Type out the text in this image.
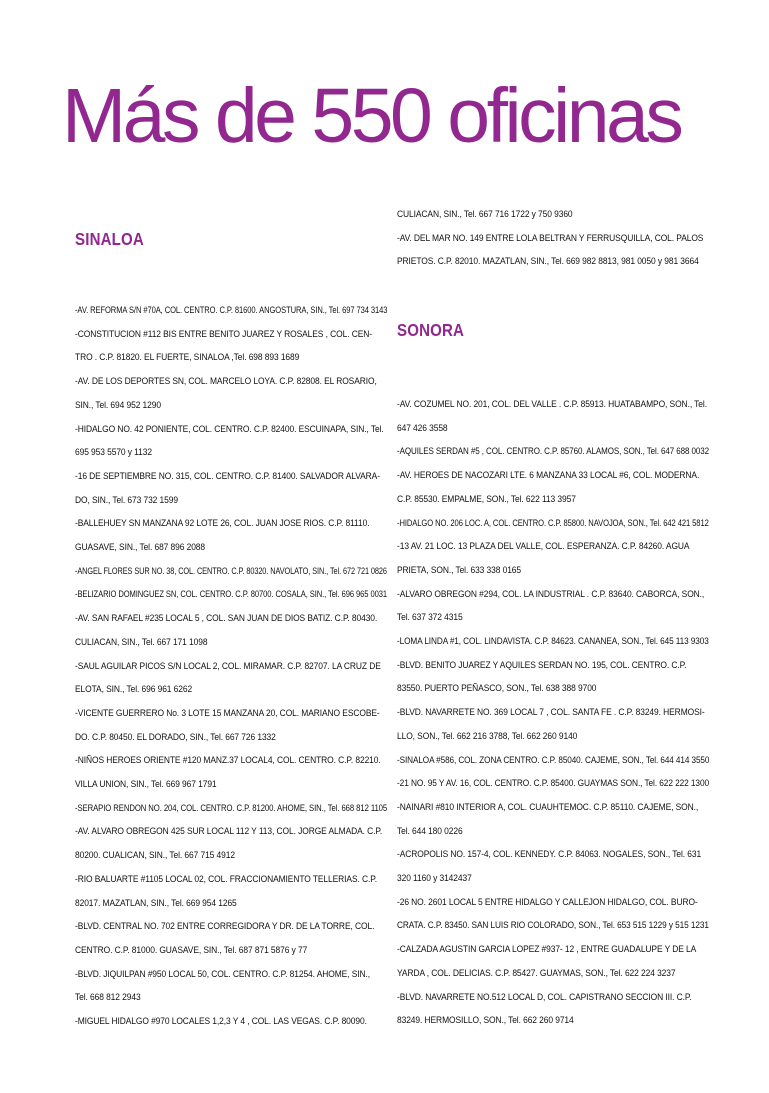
Más de 550 oficinas
SINALOA

-AV. REFORMA S/N #70A, COL. CENTRO. C.P. 81600. ANGOSTURA, SIN., Tel. 697 734 3143

-CONSTITUCION #112 BIS ENTRE BENITO JUAREZ Y ROSALES , COL. CEN-

TRO . C.P. 81820. EL FUERTE, SINALOA ,Tel. 698 893 1689

-AV. DE LOS DEPORTES SN, COL. MARCELO LOYA. C.P. 82808. EL ROSARIO,

SIN., Tel. 694 952 1290

-HIDALGO NO. 42 PONIENTE, COL. CENTRO. C.P. 82400. ESCUINAPA, SIN., Tel.

695 953 5570 y 1132

-16 DE SEPTIEMBRE NO. 315, COL. CENTRO. C.P. 81400. SALVADOR ALVARA-

DO, SIN., Tel. 673 732 1599

-BALLEHUEY SN MANZANA 92 LOTE 26, COL. JUAN JOSE RIOS. C.P. 81110.

GUASAVE, SIN., Tel. 687 896 2088

-ANGEL FLORES SUR NO. 38, COL. CENTRO. C.P. 80320. NAVOLATO, SIN., Tel. 672 721 0826

-BELIZARIO DOMINGUEZ SN, COL. CENTRO. C.P. 80700. COSALA, SIN., Tel. 696 965 0031

-AV. SAN RAFAEL #235 LOCAL 5 , COL. SAN JUAN DE DIOS BATIZ. C.P. 80430.

CULIACAN, SIN., Tel. 667 171 1098

-SAUL AGUILAR PICOS S/N LOCAL 2, COL. MIRAMAR. C.P. 82707. LA CRUZ DE

ELOTA, SIN., Tel. 696 961 6262

-VICENTE GUERRERO No. 3 LOTE 15 MANZANA 20, COL. MARIANO ESCOBE-

DO. C.P. 80450. EL DORADO, SIN., Tel. 667 726 1332

-NIÑOS HEROES ORIENTE #120 MANZ.37 LOCAL4, COL. CENTRO. C.P. 82210.

VILLA UNION, SIN., Tel. 669 967 1791

-SERAPIO RENDON NO. 204, COL. CENTRO. C.P. 81200. AHOME, SIN., Tel. 668 812 1105

-AV. ALVARO OBREGON 425 SUR LOCAL 112 Y 113, COL. JORGE ALMADA. C.P.

80200. CUALICAN, SIN., Tel. 667 715 4912

-RIO BALUARTE #1105 LOCAL 02, COL. FRACCIONAMIENTO TELLERIAS. C.P.

82017. MAZATLAN, SIN., Tel. 669 954 1265

-BLVD. CENTRAL NO. 702 ENTRE CORREGIDORA Y DR. DE LA TORRE, COL.

CENTRO. C.P. 81000. GUASAVE, SIN., Tel. 687 871 5876 y 77

-BLVD. JIQUILPAN #950 LOCAL 50, COL. CENTRO. C.P. 81254. AHOME, SIN.,

Tel. 668 812 2943

-MIGUEL HIDALGO #970 LOCALES 1,2,3 Y 4 , COL. LAS VEGAS. C.P. 80090.

CULIACAN, SIN., Tel. 667 716 1722 y 750 9360

-AV. DEL MAR NO. 149 ENTRE LOLA BELTRAN Y FERRUSQUILLA, COL. PALOS

PRIETOS. C.P. 82010. MAZATLAN, SIN., Tel. 669 982 8813, 981 0050 y 981 3664

SONORA

-AV. COZUMEL NO. 201, COL. DEL VALLE . C.P. 85913. HUATABAMPO, SON., Tel.

647 426 3558

-AQUILES SERDAN #5 , COL. CENTRO. C.P. 85760. ALAMOS, SON., Tel. 647 688 0032

-AV. HEROES DE NACOZARI LTE. 6 MANZANA 33 LOCAL #6, COL. MODERNA.

C.P. 85530. EMPALME, SON., Tel. 622 113 3957

-HIDALGO NO. 206 LOC. A, COL. CENTRO. C.P. 85800. NAVOJOA, SON., Tel. 642 421 5812

-13 AV. 21 LOC. 13 PLAZA DEL VALLE, COL. ESPERANZA. C.P. 84260. AGUA

PRIETA, SON., Tel. 633 338 0165

-ALVARO OBREGON #294, COL. LA INDUSTRIAL . C.P. 83640. CABORCA, SON.,

Tel. 637 372 4315

-LOMA LINDA #1, COL. LINDAVISTA. C.P. 84623. CANANEA, SON., Tel. 645 113 9303

-BLVD. BENITO JUAREZ Y AQUILES SERDAN NO. 195, COL. CENTRO. C.P.

83550. PUERTO PEÑASCO, SON., Tel. 638 388 9700

-BLVD. NAVARRETE NO. 369 LOCAL 7 , COL. SANTA FE . C.P. 83249. HERMOSI-

LLO, SON., Tel. 662 216 3788, Tel. 662 260 9140

-SINALOA #586, COL. ZONA CENTRO. C.P. 85040. CAJEME, SON., Tel. 644 414 3550

-21 NO. 95 Y AV. 16, COL. CENTRO. C.P. 85400. GUAYMAS SON., Tel. 622 222 1300

-NAINARI #810 INTERIOR A, COL. CUAUHTEMOC. C.P. 85110. CAJEME, SON.,

Tel. 644 180 0226

-ACROPOLIS NO. 157-4, COL. KENNEDY. C.P. 84063. NOGALES, SON., Tel. 631

320 1160 y 3142437

-26 NO. 2601 LOCAL 5 ENTRE HIDALGO Y CALLEJON HIDALGO, COL. BURO-

CRATA. C.P. 83450. SAN LUIS RIO COLORADO, SON., Tel. 653 515 1229 y 515 1231

-CALZADA AGUSTIN GARCIA LOPEZ #937- 12 , ENTRE GUADALUPE Y DE LA

YARDA , COL. DELICIAS. C.P. 85427. GUAYMAS, SON., Tel. 622 224 3237

-BLVD. NAVARRETE NO.512 LOCAL D, COL. CAPISTRANO SECCION III. C.P.

83249. HERMOSILLO, SON., Tel. 662 260 9714
